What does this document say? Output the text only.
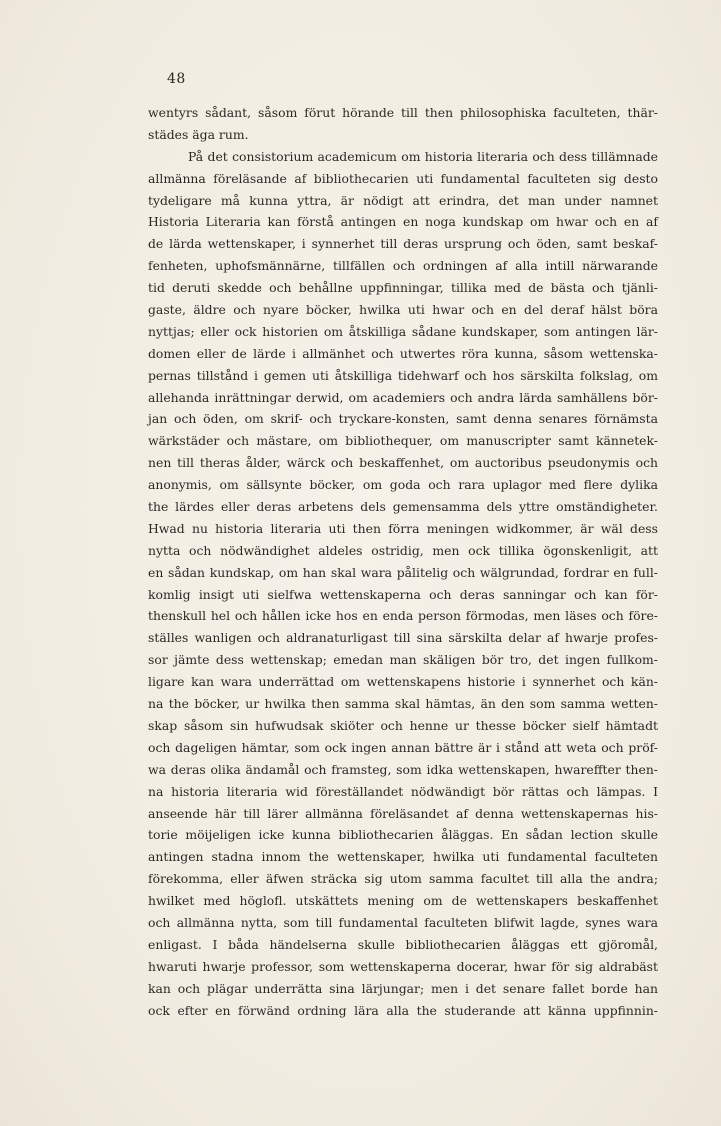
48
wentyrs sådant, såsom förut hörande till then philosophiska faculteten, thär-
städes äga rum.
På det consistorium academicum om historia literaria och dess tillämnade
allmänna föreläsande af bibliothecarien uti fundamental faculteten sig desto
tydeligare må kunna yttra, är nödigt att erindra, det man under namnet
Historia Literaria kan förstå antingen en noga kundskap om hwar och en af
de lärda wettenskaper, i synnerhet till deras ursprung och öden, samt beskaf-
fenheten, uphofsmännärne, tillfällen och ordningen af alla intill närwarande
tid deruti skedde och behållne uppfinningar, tillika med de bästa och tjänli-
gaste, äldre och nyare böcker, hwilka uti hwar och en del deraf hälst böra
nyttjas; eller ock historien om åtskilliga sådane kundskaper, som antingen lär-
domen eller de lärde i allmänhet och utwertes röra kunna, såsom wettenska-
pernas tillstånd i gemen uti åtskilliga tidehwarf och hos särskilta folkslag, om
allehanda inrättningar derwid, om academiers och andra lärda samhällens bör-
jan och öden, om skrif- och tryckare-konsten, samt denna senares förnämsta
wärkstäder och mästare, om bibliothequer, om manuscripter samt kännetek-
nen till theras ålder, wärck och beskaffenhet, om auctoribus pseudonymis och
anonymis, om sällsynte böcker, om goda och rara uplagor med flere dylika
the lärdes eller deras arbetens dels gemensamma dels yttre omständigheter.
Hwad nu historia literaria uti then förra meningen widkommer, är wäl dess
nytta och nödwändighet aldeles ostridig, men ock tillika ögonskenligit, att
en sådan kundskap, om han skal wara pålitelig och wälgrundad, fordrar en full-
komlig insigt uti sielfwa wettenskaperna och deras sanningar och kan för-
thenskull hel och hållen icke hos en enda person förmodas, men läses och före-
ställes wanligen och aldranaturligast till sina särskilta delar af hwarje profes-
sor jämte dess wettenskap; emedan man skäligen bör tro, det ingen fullkom-
ligare kan wara underrättad om wettenskapens historie i synnerhet och kän-
na the böcker, ur hwilka then samma skal hämtas, än den som samma wetten-
skap såsom sin hufwudsak skiöter och henne ur thesse böcker sielf hämtadt
och dageligen hämtar, som ock ingen annan bättre är i stånd att weta och pröf-
wa deras olika ändamål och framsteg, som idka wettenskapen, hwareffter then-
na historia literaria wid föreställandet nödwändigt bör rättas och lämpas. I
anseende här till lärer allmänna föreläsandet af denna wettenskapernas his-
torie möijeligen icke kunna bibliothecarien åläggas. En sådan lection skulle
antingen stadna innom the wettenskaper, hwilka uti fundamental faculteten
förekomma, eller äfwen sträcka sig utom samma facultet till alla the andra;
hwilket med höglofl. utskättets mening om de wettenskapers beskaffenhet
och allmänna nytta, som till fundamental faculteten blifwit lagde, synes wara
enligast. I båda händelserna skulle bibliothecarien åläggas ett gjöromål,
hwaruti hwarje professor, som wettenskaperna docerar, hwar för sig aldrabäst
kan och plägar underrätta sina lärjungar; men i det senare fallet borde han
ock efter en förwänd ordning lära alla the studerande att känna uppfinnin-
